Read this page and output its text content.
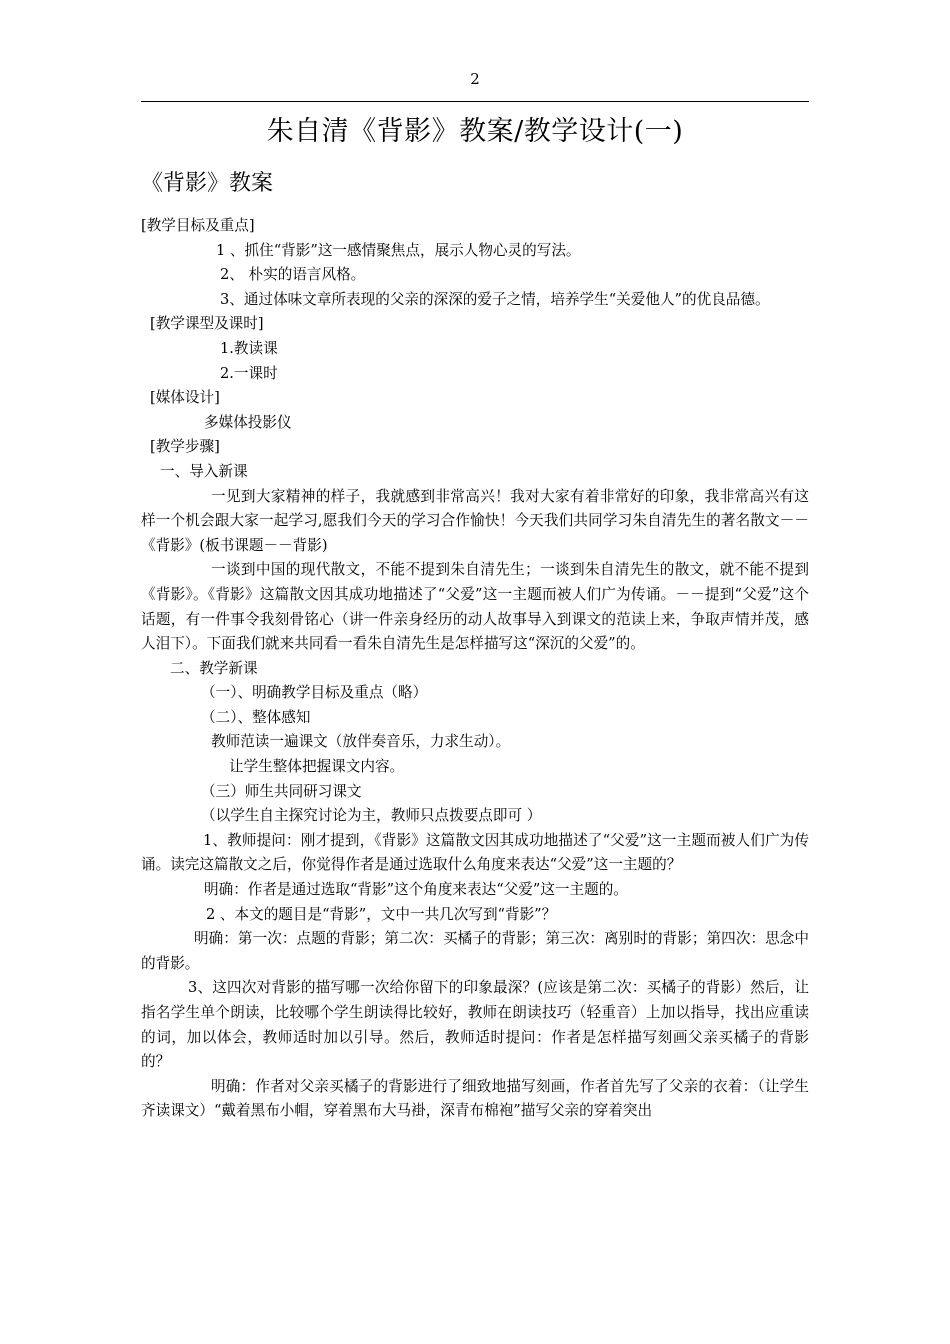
2
朱自清《背影》教案/教学设计(一)
《背影》教案

[教学目标及重点]

1 、抓住“背影”这一感情聚焦点，展示人物心灵的写法。

2、 朴实的语言风格。

3、通过体味文章所表现的父亲的深深的爱子之情，培养学生“关爱他人”的优良品德。

[教学课型及课时]

1.教读课

2.一课时

[媒体设计]

多媒体投影仪

[教学步骤]

一、导入新课

一见到大家精神的样子，我就感到非常高兴！我对大家有着非常好的印象，我非常高兴有这样一个机会跟大家一起学习,愿我们今天的学习合作愉快！今天我们共同学习朱自清先生的著名散文－－《背影》(板书课题－－背影)

一谈到中国的现代散文，不能不提到朱自清先生；一谈到朱自清先生的散文，就不能不提到《背影》。《背影》这篇散文因其成功地描述了“父爱”这一主题而被人们广为传诵。－－提到“父爱”这个话题，有一件事令我刻骨铭心（讲一件亲身经历的动人故事导入到课文的范读上来，争取声情并茂，感人泪下）。下面我们就来共同看一看朱自清先生是怎样描写这“深沉的父爱”的。

二、教学新课

（一）、明确教学目标及重点（略）

（二）、整体感知

教师范读一遍课文（放伴奏音乐，力求生动）。

让学生整体把握课文内容。

（三）师生共同研习课文

（以学生自主探究讨论为主，教师只点拨要点即可 ）

1、教师提问：刚才提到，《背影》这篇散文因其成功地描述了“父爱”这一主题而被人们广为传诵。读完这篇散文之后，你觉得作者是通过选取什么角度来表达“父爱”这一主题的？

明确：作者是通过选取“背影”这个角度来表达“父爱”这一主题的。

2 、本文的题目是“背影”，文中一共几次写到“背影”？

明确：第一次：点题的背影；第二次：买橘子的背影；第三次：离别时的背影；第四次：思念中的背影。

3、这四次对背影的描写哪一次给你留下的印象最深？(应该是第二次：买橘子的背影）然后，让指名学生单个朗读，比较哪个学生朗读得比较好，教师在朗读技巧（轻重音）上加以指导，找出应重读的词，加以体会，教师适时加以引导。然后，教师适时提问：作者是怎样描写刻画父亲买橘子的背影的？

明确：作者对父亲买橘子的背影进行了细致地描写刻画，作者首先写了父亲的衣着：（让学生齐读课文）“戴着黑布小帽，穿着黑布大马褂，深青布棉袍”描写父亲的穿着突出
